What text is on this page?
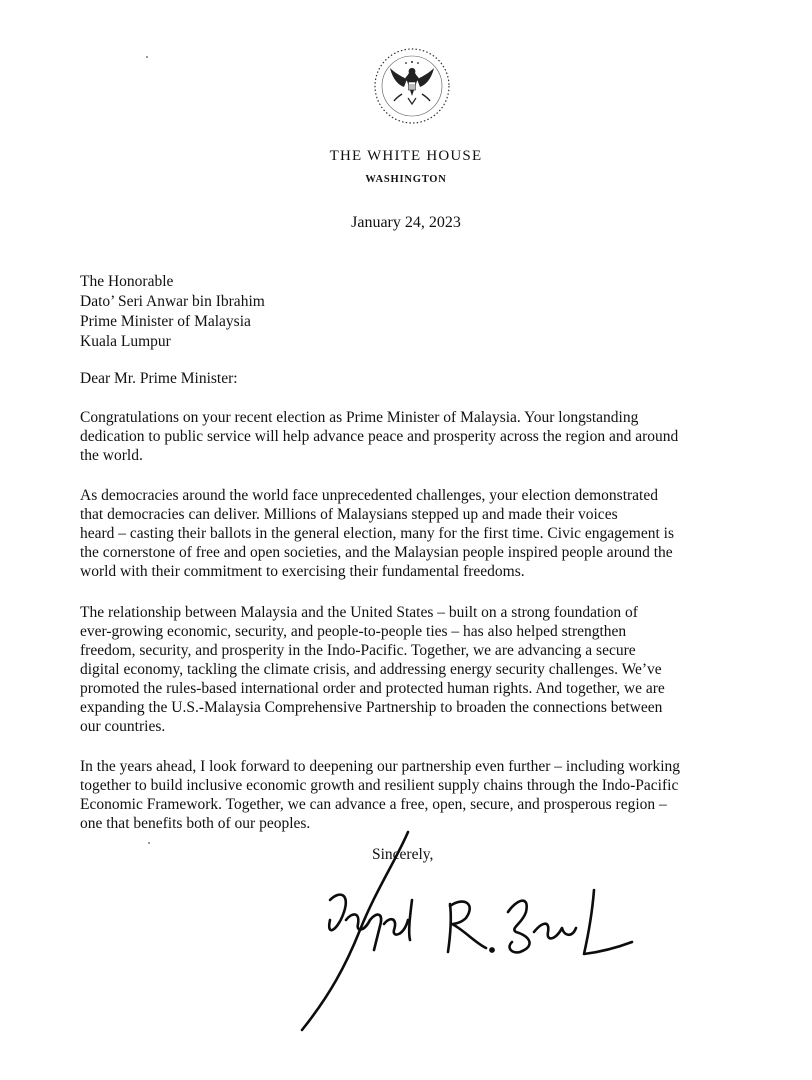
THE WHITE HOUSE
WASHINGTON
January 24, 2023
The Honorable
Dato’ Seri Anwar bin Ibrahim
Prime Minister of Malaysia
Kuala Lumpur
Dear Mr. Prime Minister:
Congratulations on your recent election as Prime Minister of Malaysia. Your longstanding
dedication to public service will help advance peace and prosperity across the region and around
the world.
As democracies around the world face unprecedented challenges, your election demonstrated
that democracies can deliver. Millions of Malaysians stepped up and made their voices
heard – casting their ballots in the general election, many for the first time. Civic engagement is
the cornerstone of free and open societies, and the Malaysian people inspired people around the
world with their commitment to exercising their fundamental freedoms.
The relationship between Malaysia and the United States – built on a strong foundation of
ever-growing economic, security, and people-to-people ties – has also helped strengthen
freedom, security, and prosperity in the Indo-Pacific. Together, we are advancing a secure
digital economy, tackling the climate crisis, and addressing energy security challenges. We’ve
promoted the rules-based international order and protected human rights. And together, we are
expanding the U.S.-Malaysia Comprehensive Partnership to broaden the connections between
our countries.
In the years ahead, I look forward to deepening our partnership even further – including working
together to build inclusive economic growth and resilient supply chains through the Indo-Pacific
Economic Framework. Together, we can advance a free, open, secure, and prosperous region –
one that benefits both of our peoples.
Sincerely,
